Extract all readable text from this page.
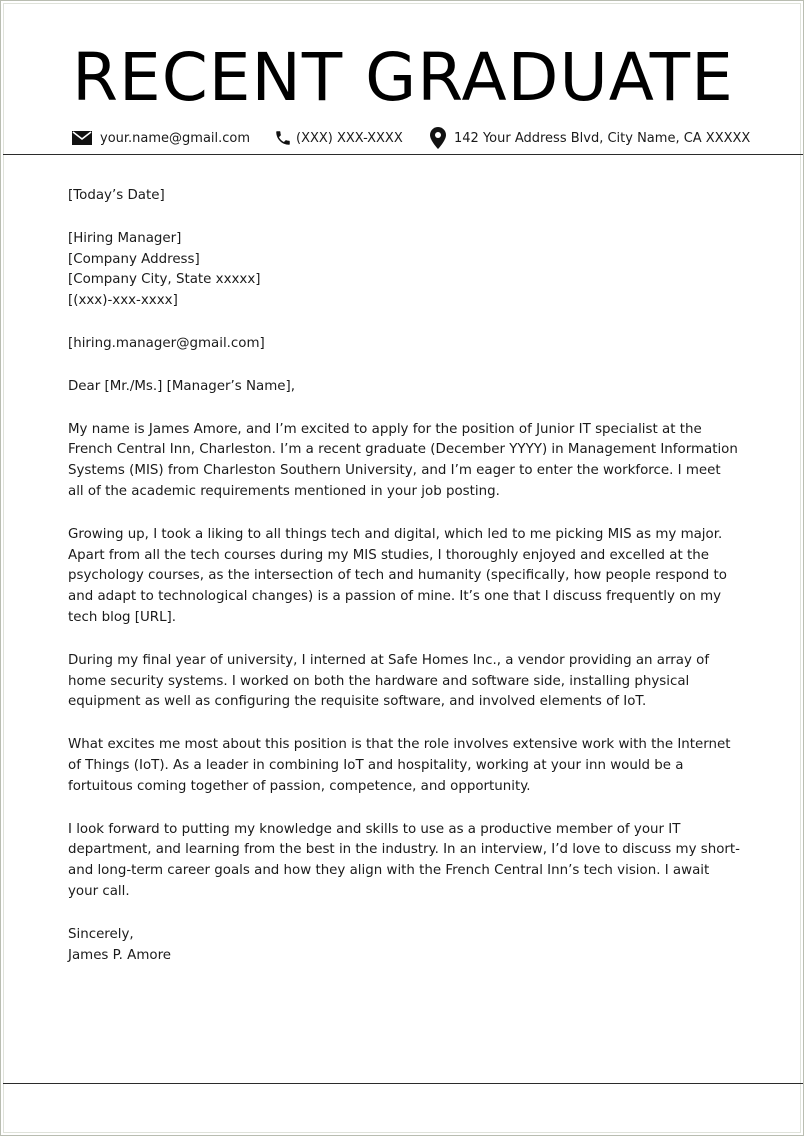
RECENT GRADUATE
your.name@gmail.com	(XXX) XXX-XXXX	142 Your Address Blvd, City Name, CA XXXXX

[Today’s Date]

[Hiring Manager]

[Company Address]

[Company City, State xxxxx]

[(xxx)-xxx-xxxx]

[hiring.manager@gmail.com]

Dear [Mr./Ms.] [Manager’s Name],

My name is James Amore, and I’m excited to apply for the position of Junior IT specialist at the French Central Inn, Charleston. I’m a recent graduate (December YYYY) in Management Information Systems (MIS) from Charleston Southern University, and I’m eager to enter the workforce. I meet all of the academic requirements mentioned in your job posting.

Growing up, I took a liking to all things tech and digital, which led to me picking MIS as my major. Apart from all the tech courses during my MIS studies, I thoroughly enjoyed and excelled at the psychology courses, as the intersection of tech and humanity (specifically, how people respond to and adapt to technological changes) is a passion of mine. It’s one that I discuss frequently on my tech blog [URL].

During my final year of university, I interned at Safe Homes Inc., a vendor providing an array of home security systems. I worked on both the hardware and software side, installing physical equipment as well as configuring the requisite software, and involved elements of IoT.

What excites me most about this position is that the role involves extensive work with the Internet of Things (IoT). As a leader in combining IoT and hospitality, working at your inn would be a fortuitous coming together of passion, competence, and opportunity.

I look forward to putting my knowledge and skills to use as a productive member of your IT department, and learning from the best in the industry. In an interview, I’d love to discuss my short- and long-term career goals and how they align with the French Central Inn’s tech vision. I await your call.

Sincerely,

James P. Amore
